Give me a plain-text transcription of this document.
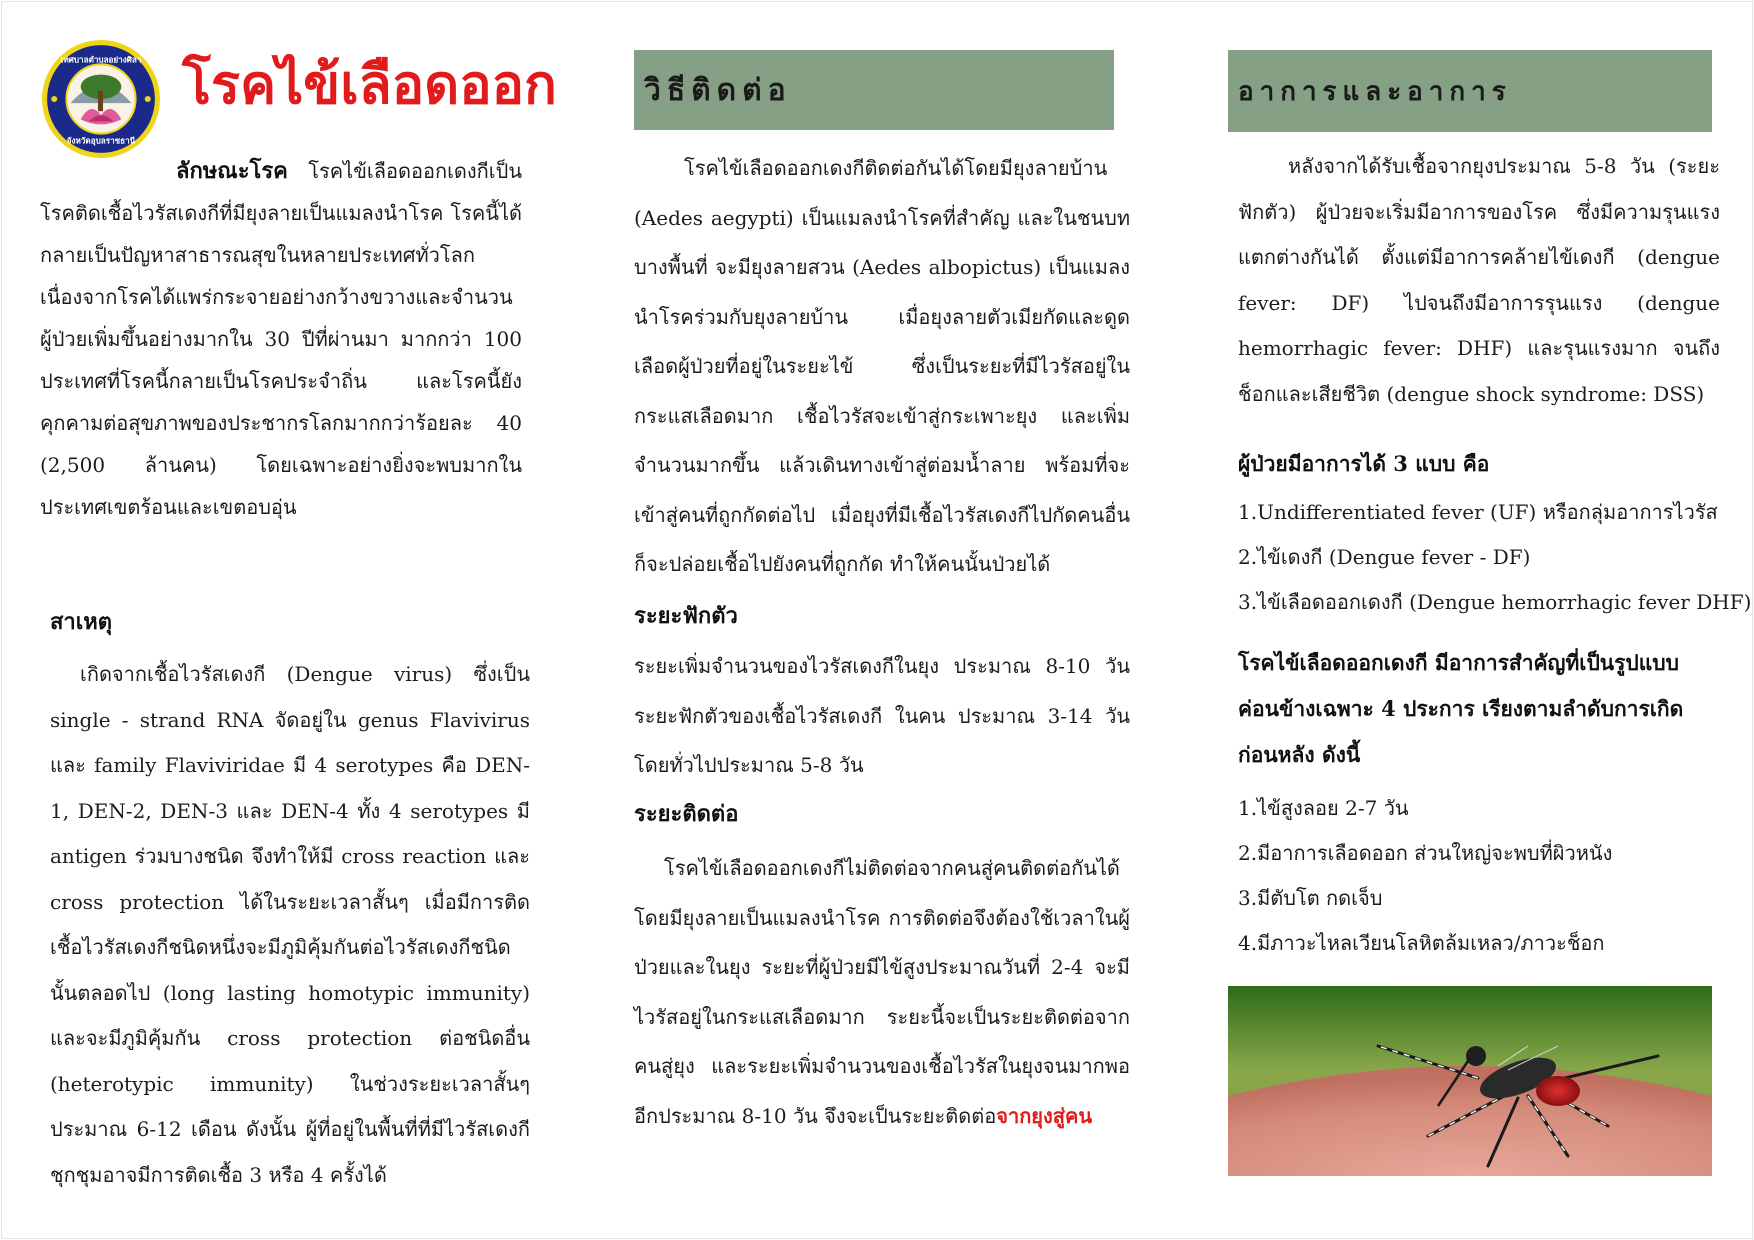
เทศบาลตำบลอย่างศิลา
จังหวัดอุบลราชธานี
โรคไข้เลือดออก

ลักษณะโรค โรคไข้เลือดออกเดงกีเป็นโรคติดเชื้อไวรัสเดงกีที่มียุงลายเป็นแมลงนำโรค โรคนี้ได้กลายเป็นปัญหาสาธารณสุขในหลายประเทศทั่วโลก เนื่องจากโรคได้แพร่กระจายอย่างกว้างขวางและจำนวนผู้ป่วยเพิ่มขึ้นอย่างมากใน 30 ปีที่ผ่านมา มากกว่า 100 ประเทศที่โรคนี้กลายเป็นโรคประจำถิ่น และโรคนี้ยังคุกคามต่อสุขภาพของประชากรโลกมากกว่าร้อยละ 40 (2,500 ล้านคน) โดยเฉพาะอย่างยิ่งจะพบมากในประเทศเขตร้อนและเขตอบอุ่น

สาเหตุ

เกิดจากเชื้อไวรัสเดงกี (Dengue virus) ซึ่งเป็น single - strand RNA จัดอยู่ใน genus Flavivirus และ family Flaviviridae มี 4 serotypes คือ DEN-1, DEN-2, DEN-3 และ DEN-4 ทั้ง 4 serotypes มี antigen ร่วมบางชนิด จึงทำให้มี cross reaction และ cross protection ได้ในระยะเวลาสั้นๆ เมื่อมีการติดเชื้อไวรัสเดงกีชนิดหนึ่งจะมีภูมิคุ้มกันต่อไวรัสเดงกีชนิดนั้นตลอดไป (long lasting homotypic immunity) และจะมีภูมิคุ้มกัน cross protection ต่อชนิดอื่น (heterotypic immunity) ในช่วงระยะเวลาสั้นๆ ประมาณ 6-12 เดือน ดังนั้น ผู้ที่อยู่ในพื้นที่ที่มีไวรัสเดงกีชุกชุมอาจมีการติดเชื้อ 3 หรือ 4 ครั้งได้

วิธีติดต่อ

โรคไข้เลือดออกเดงกีติดต่อกันได้โดยมียุงลายบ้าน (Aedes aegypti) เป็นแมลงนำโรคที่สำคัญ และในชนบทบางพื้นที่ จะมียุงลายสวน (Aedes albopictus) เป็นแมลงนำโรคร่วมกับยุงลายบ้าน เมื่อยุงลายตัวเมียกัดและดูดเลือดผู้ป่วยที่อยู่ในระยะไข้ ซึ่งเป็นระยะที่มีไวรัสอยู่ในกระแสเลือดมาก เชื้อไวรัสจะเข้าสู่กระเพาะยุง และเพิ่มจำนวนมากขึ้น แล้วเดินทางเข้าสู่ต่อมน้ำลาย พร้อมที่จะเข้าสู่คนที่ถูกกัดต่อไป เมื่อยุงที่มีเชื้อไวรัสเดงกีไปกัดคนอื่นก็จะปล่อยเชื้อไปยังคนที่ถูกกัด ทำให้คนนั้นป่วยได้

ระยะฟักตัว

ระยะเพิ่มจำนวนของไวรัสเดงกีในยุง ประมาณ 8-10 วัน ระยะฟักตัวของเชื้อไวรัสเดงกี ในคน ประมาณ 3-14 วัน โดยทั่วไปประมาณ 5-8 วัน

ระยะติดต่อ

โรคไข้เลือดออกเดงกีไม่ติดต่อจากคนสู่คนติดต่อกันได้โดยมียุงลายเป็นแมลงนำโรค การติดต่อจึงต้องใช้เวลาในผู้ป่วยและในยุง ระยะที่ผู้ป่วยมีไข้สูงประมาณวันที่ 2-4 จะมีไวรัสอยู่ในกระแสเลือดมาก ระยะนี้จะเป็นระยะติดต่อจากคนสู่ยุง และระยะเพิ่มจำนวนของเชื้อไวรัสในยุงจนมากพออีกประมาณ 8-10 วัน จึงจะเป็นระยะติดต่อจากยุงสู่คน

อาการและอาการ

หลังจากได้รับเชื้อจากยุงประมาณ 5-8 วัน (ระยะฟักตัว) ผู้ป่วยจะเริ่มมีอาการของโรค ซึ่งมีความรุนแรงแตกต่างกันได้ ตั้งแต่มีอาการคล้ายไข้เดงกี (dengue fever: DF) ไปจนถึงมีอาการรุนแรง (dengue hemorrhagic fever: DHF) และรุนแรงมาก จนถึงช็อกและเสียชีวิต (dengue shock syndrome: DSS)

ผู้ป่วยมีอาการได้ 3 แบบ คือ

1.Undifferentiated fever (UF) หรือกลุ่มอาการไวรัส

2.ไข้เดงกี (Dengue fever - DF)

3.ไข้เลือดออกเดงกี (Dengue hemorrhagic fever DHF)

โรคไข้เลือดออกเดงกี มีอาการสำคัญที่เป็นรูปแบบค่อนข้างเฉพาะ 4 ประการ เรียงตามลำดับการเกิดก่อนหลัง ดังนี้

1.ไข้สูงลอย 2-7 วัน

2.มีอาการเลือดออก ส่วนใหญ่จะพบที่ผิวหนัง

3.มีตับโต กดเจ็บ

4.มีภาวะไหลเวียนโลหิตล้มเหลว/ภาวะช็อก
